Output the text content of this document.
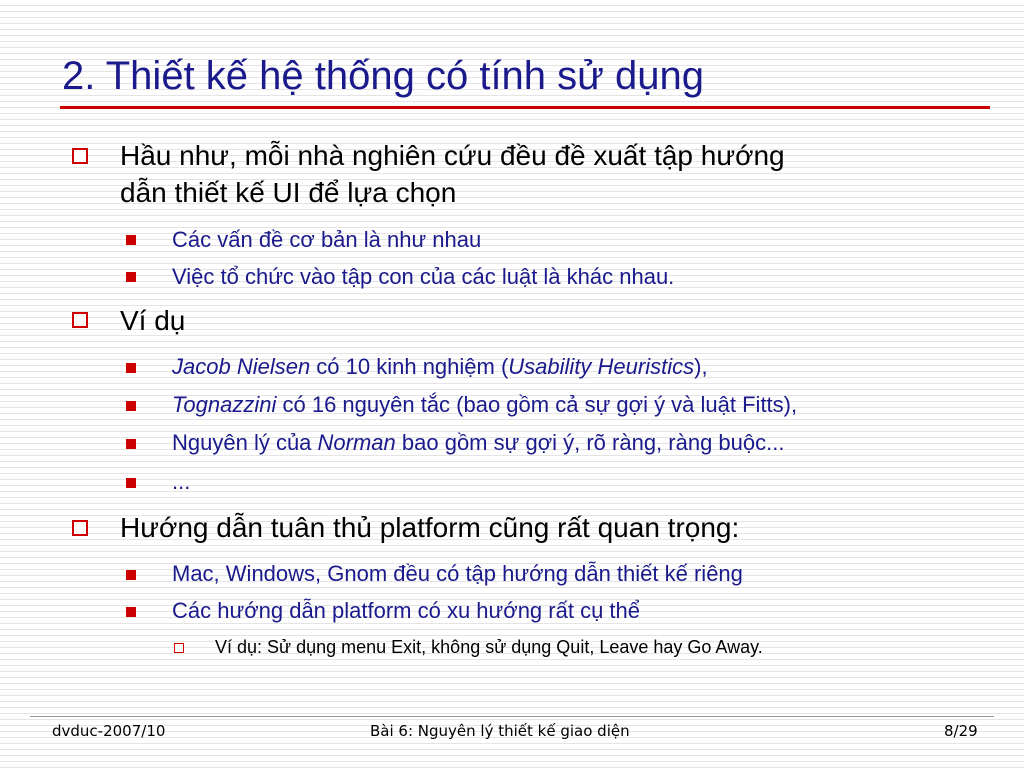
2. Thiết kế hệ thống có tính sử dụng
Hầu như, mỗi nhà nghiên cứu đều đề xuất tập hướng
dẫn thiết kế UI để lựa chọn
Các vấn đề cơ bản là như nhau
Việc tổ chức vào tập con của các luật là khác nhau.
Ví dụ
Jacob Nielsen có 10 kinh nghiệm (Usability Heuristics),
Tognazzini có 16 nguyên tắc (bao gồm cả sự gợi ý và luật Fitts),
Nguyên lý của Norman bao gồm sự gợi ý, rõ ràng, ràng buộc...
...
Hướng dẫn tuân thủ platform cũng rất quan trọng:
Mac, Windows, Gnom đều có tập hướng dẫn thiết kế riêng
Các hướng dẫn platform có xu hướng rất cụ thể
Ví dụ: Sử dụng menu Exit, không sử dụng Quit, Leave hay Go Away.
dvduc-2007/10	Bài 6: Nguyên lý thiết kế giao diện	8/29
